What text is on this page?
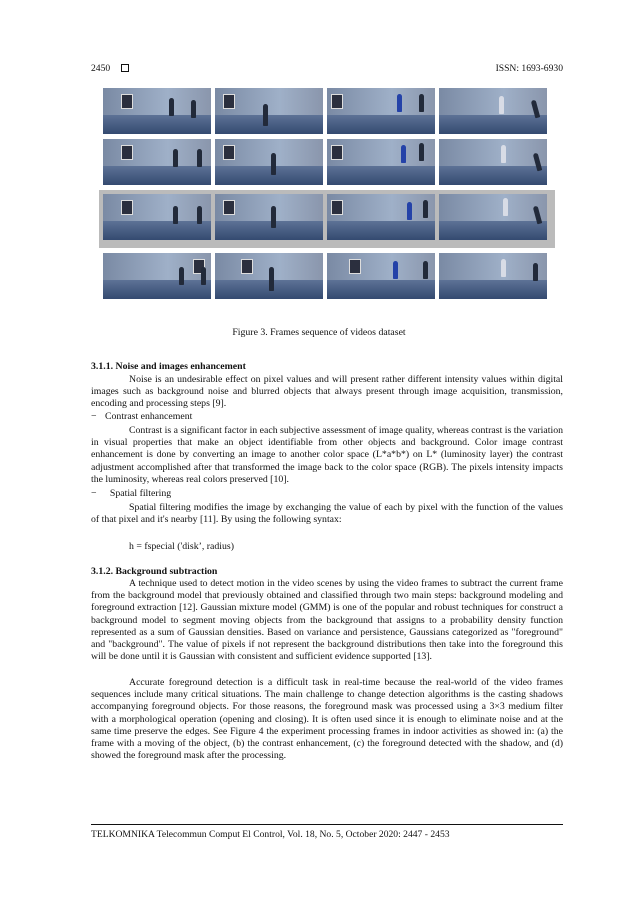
2450	ISSN: 1693-6930
Figure 3. Frames sequence of videos dataset

3.1.1. Noise and images enhancement

Noise is an undesirable effect on pixel values and will present rather different intensity values within digital images such as background noise and blurred objects that always present through image acquisition, transmission, encoding and processing steps [9].
− Contrast enhancement
Contrast is a significant factor in each subjective assessment of image quality, whereas contrast is the variation in visual properties that make an object identifiable from other objects and background. Color image contrast enhancement is done by converting an image to another color space (L*a*b*) on L* (luminosity layer) the contrast adjustment accomplished after that transformed the image back to the color space (RGB). The pixels intensity impacts the luminosity, whereas real colors preserved [10].
− Spatial filtering
Spatial filtering modifies the image by exchanging the value of each by pixel with the function of the values of that pixel and it's nearby [11]. By using the following syntax:
h = fspecial ('disk’, radius)

3.1.2. Background subtraction

A technique used to detect motion in the video scenes by using the video frames to subtract the current frame from the background model that previously obtained and classified through two main steps: background modeling and foreground extraction [12]. Gaussian mixture model (GMM) is one of the popular and robust techniques for construct a background model to segment moving objects from the background that assigns to a probability density function represented as a sum of Gaussian densities. Based on variance and persistence, Gaussians categorized as "foreground" and "background". The value of pixels if not represent the background distributions then take into the foreground this will be done until it is Gaussian with consistent and sufficient evidence supported [13].
Accurate foreground detection is a difficult task in real-time because the real-world of the video frames sequences include many critical situations. The main challenge to change detection algorithms is the casting shadows accompanying foreground objects. For those reasons, the foreground mask was processed using a 3×3 medium filter with a morphological operation (opening and closing). It is often used since it is enough to eliminate noise and at the same time preserve the edges. See Figure 4 the experiment processing frames in indoor activities as showed in: (a) the frame with a moving of the object, (b) the contrast enhancement, (c) the foreground detected with the shadow, and (d) showed the foreground mask after the processing.
TELKOMNIKA Telecommun Comput El Control, Vol. 18, No. 5, October 2020: 2447 - 2453
